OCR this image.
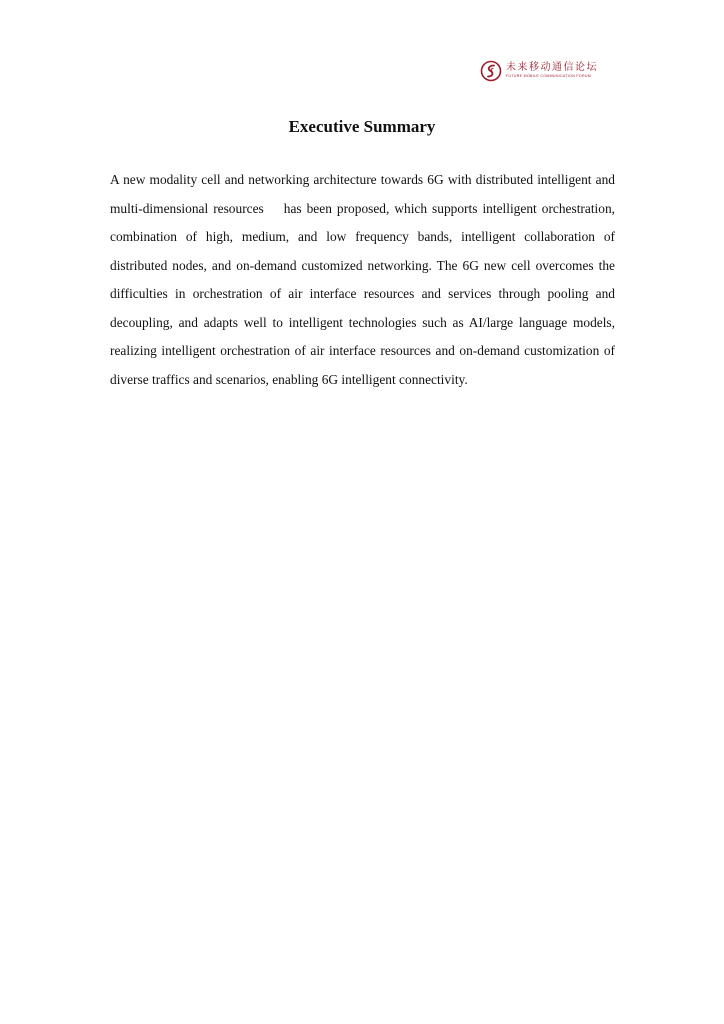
未来移动通信论坛
FUTURE MOBILE COMMUNICATION FORUM
Executive Summary

A new modality cell and networking architecture towards 6G with distributed intelligent and multi-dimensional resources    has been proposed, which supports intelligent orchestration, combination of high, medium, and low frequency bands, intelligent collaboration of distributed nodes, and on-demand customized networking. The 6G new cell overcomes the difficulties in orchestration of air interface resources and services through pooling and decoupling, and adapts well to intelligent technologies such as AI/large language models, realizing intelligent orchestration of air interface resources and on-demand customization of diverse traffics and scenarios, enabling 6G intelligent connectivity.
